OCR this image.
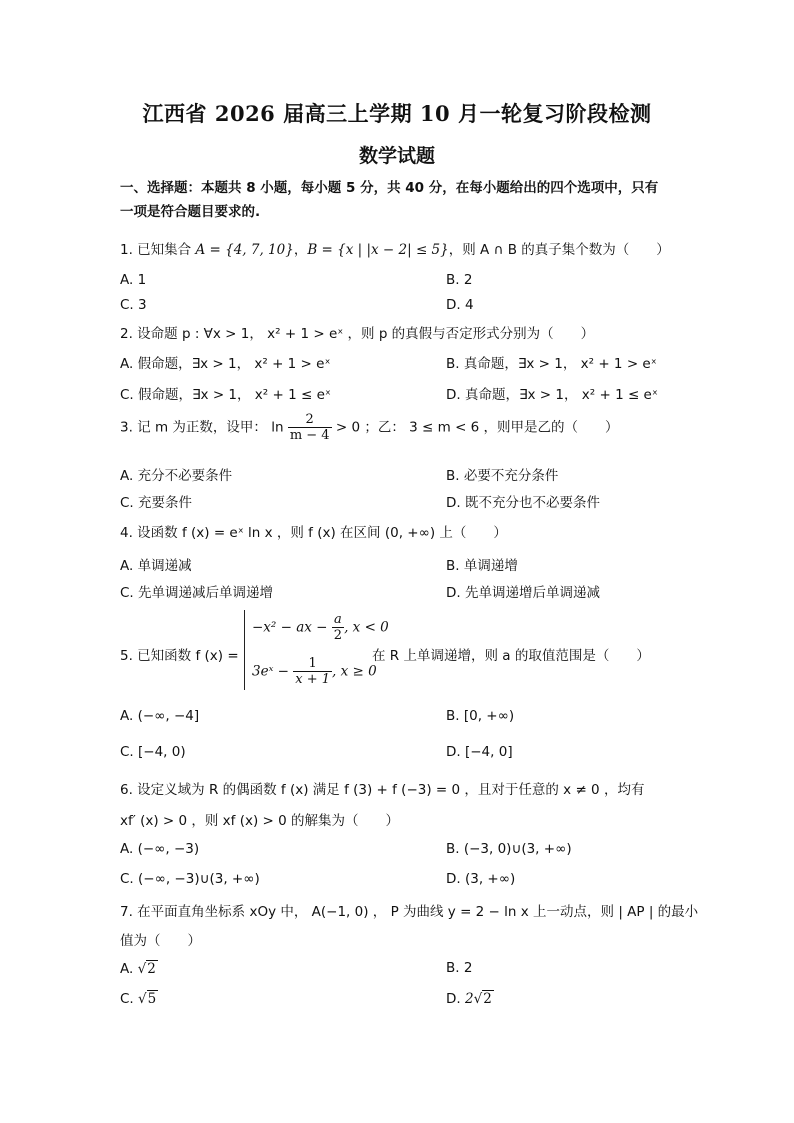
江西省 2026 届高三上学期 10 月一轮复习阶段检测
数学试题
一、选择题：本题共 8 小题，每小题 5 分，共 40 分，在每小题给出的四个选项中，只有
一项是符合题目要求的.
1. 已知集合 A = {4, 7, 10}，B = {x | |x − 2| ≤ 5}，则 A ∩ B 的真子集个数为（　　）
A. 1	B. 2
C. 3	D. 4
2. 设命题 p : ∀x > 1， x² + 1 > eˣ ，则 p 的真假与否定形式分别为（　　）
A. 假命题，∃x > 1， x² + 1 > eˣ	B. 真命题，∃x > 1， x² + 1 > eˣ
C. 假命题，∃x > 1， x² + 1 ≤ eˣ	D. 真命题，∃x > 1， x² + 1 ≤ eˣ
3. 记 m 为正数，设甲： $\ln \frac{2}{m - 4} > 0$ ；乙： 3 ≤ m < 6 ，则甲是乙的（　　）
A. 充分不必要条件	B. 必要不充分条件
C. 充要条件	D. 既不充分也不必要条件
4. 设函数 f (x) = eˣ ln x ，则 f (x) 在区间 (0, +∞) 上（　　）
A. 单调递减	B. 单调递增
C. 先单调递减后单调递增	D. 先单调递增后单调递减
5. 已知函数 f (x) =
−x² − ax − $\frac{a}{2}$ , x < 0
3eˣ − $\frac{1}{x + 1}$ , x ≥ 0
在 R 上单调递增，则 a 的取值范围是（　　）
A. (−∞, −4]	B. [0, +∞)
C. [−4, 0)	D. [−4, 0]
6. 设定义域为 R 的偶函数 f (x) 满足 f (3) + f (−3) = 0 ，且对于任意的 x ≠ 0 ，均有
xf′ (x) > 0 ，则 xf (x) > 0 的解集为（　　）
A. (−∞, −3)	B. (−3, 0)∪(3, +∞)
C. (−∞, −3)∪(3, +∞)	D. (3, +∞)
7. 在平面直角坐标系 xOy 中， A(−1, 0) ， P 为曲线 y = 2 − ln x 上一动点，则 | AP | 的最小
值为（　　）
A. √2	B. 2
C. √5	D. 2√2
